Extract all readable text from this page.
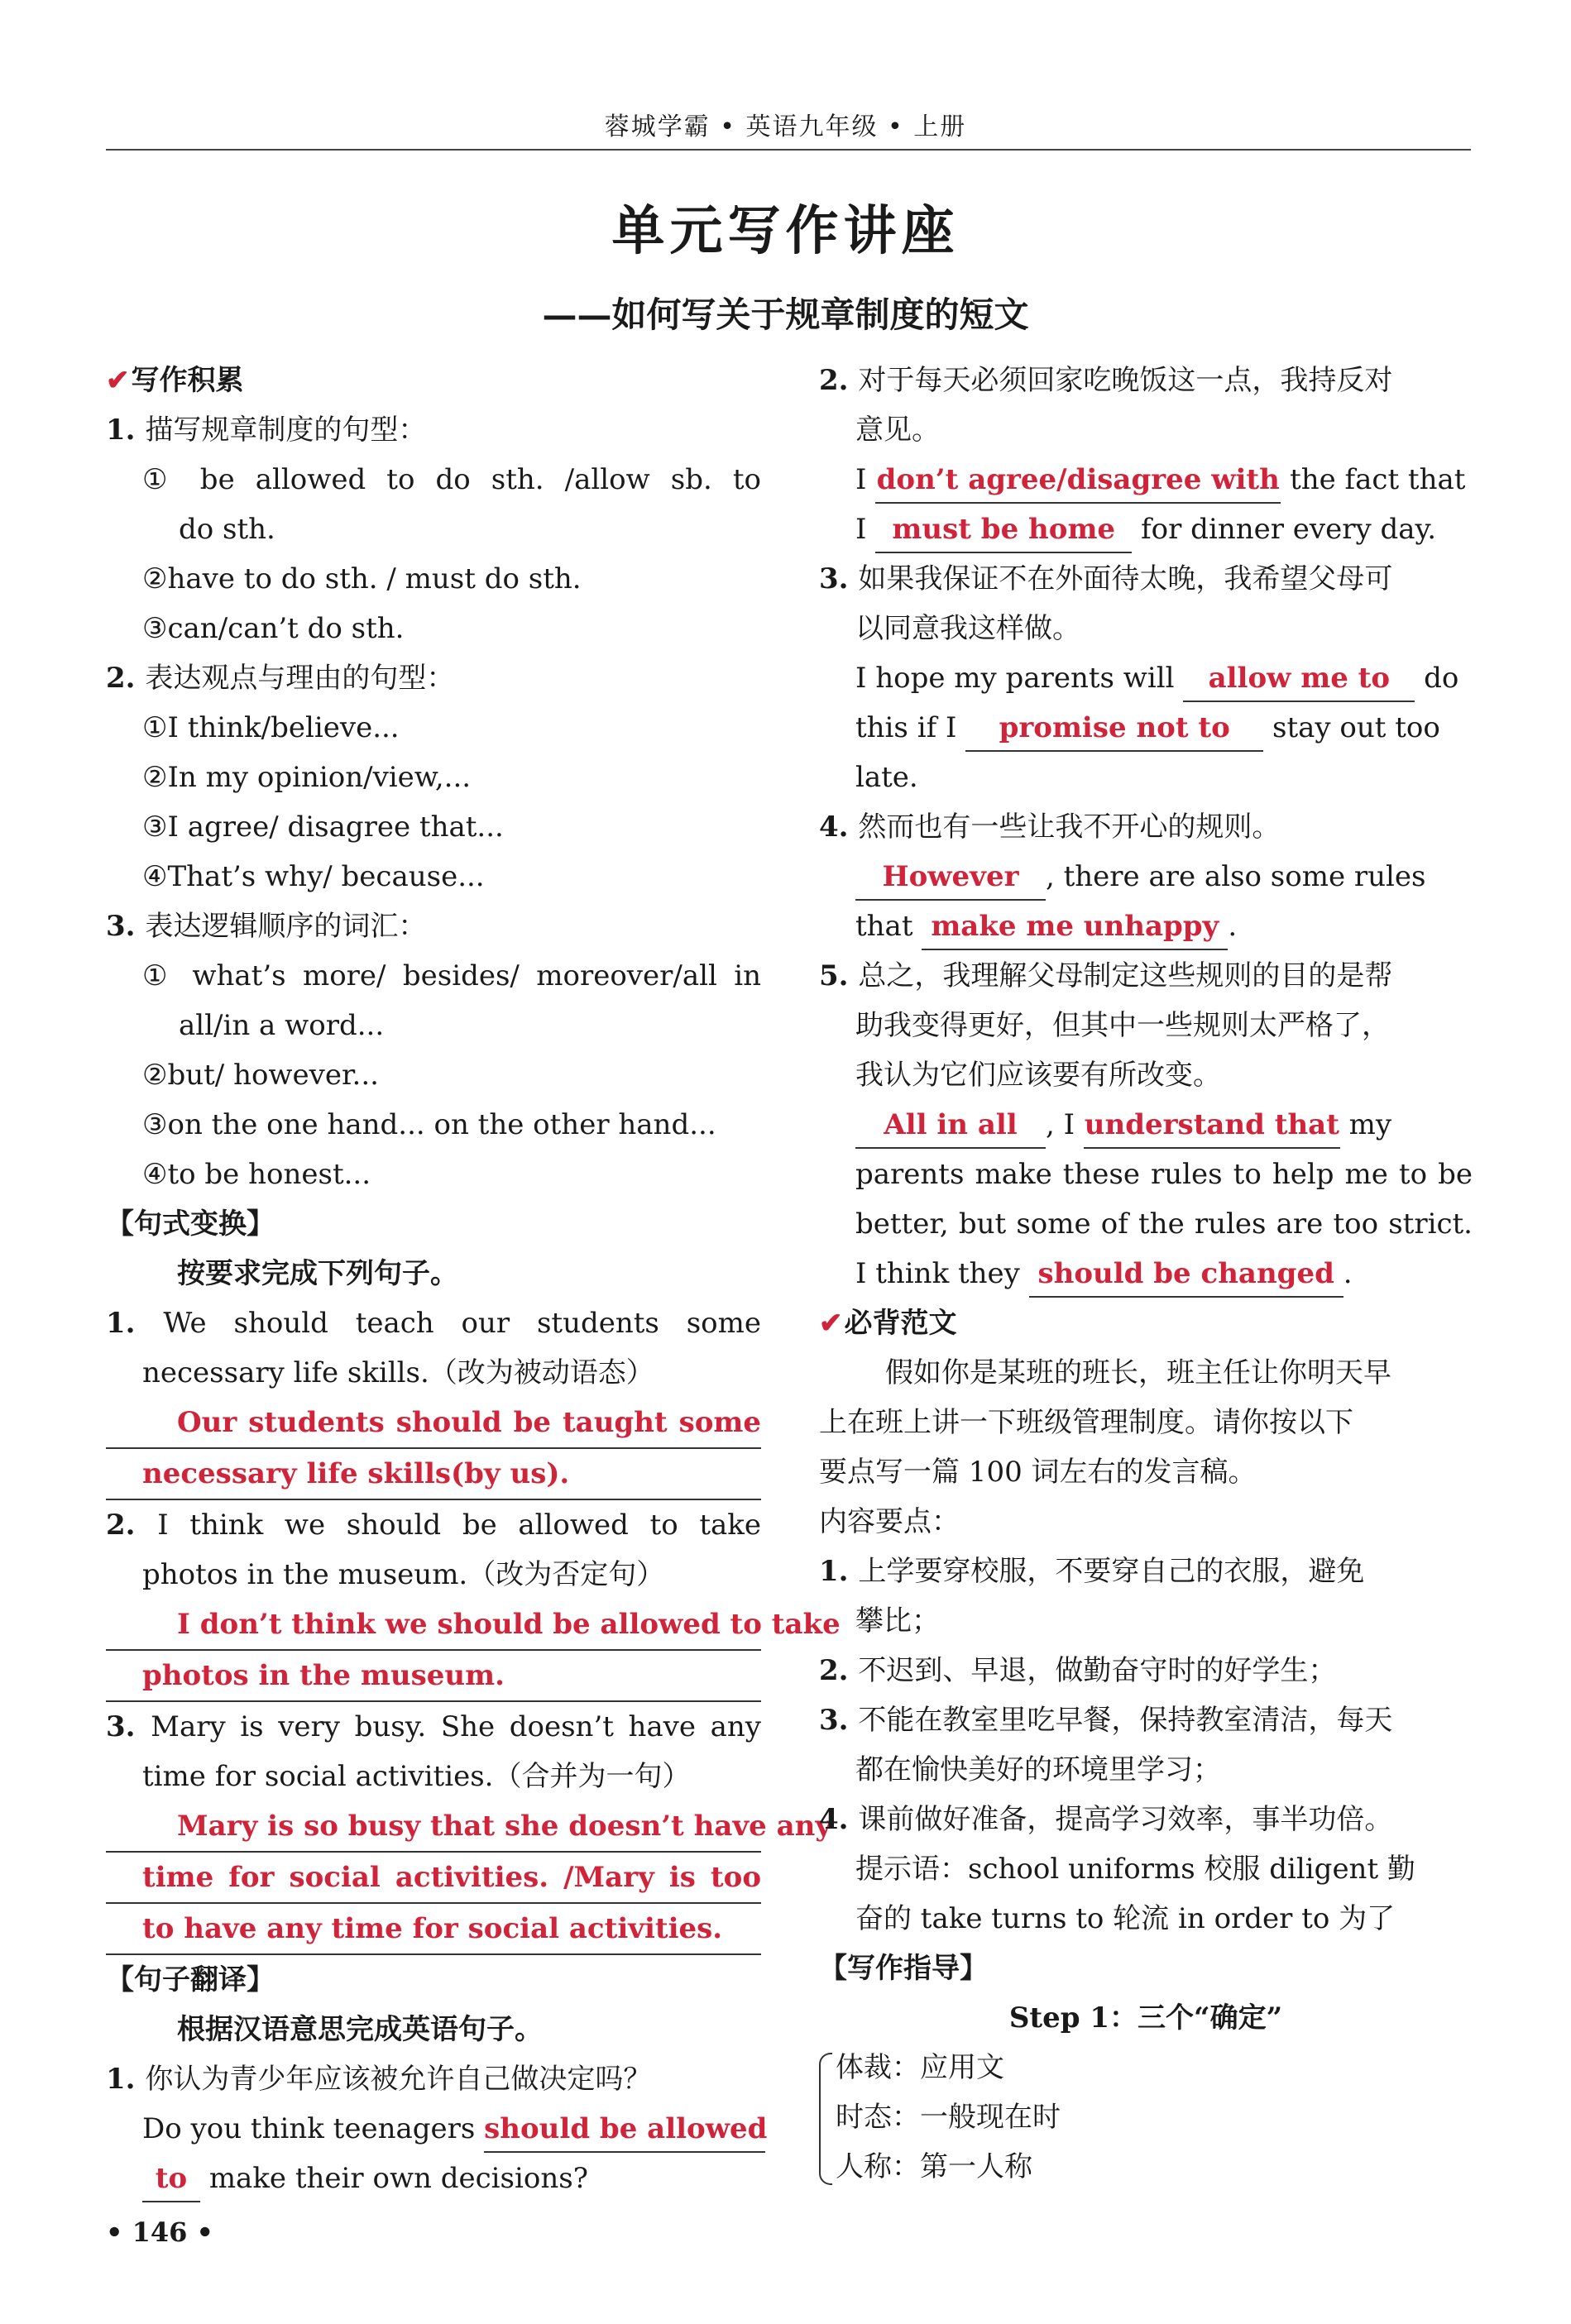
蓉城学霸 • 英语九年级 • 上册
单元写作讲座
——如何写关于规章制度的短文
✔写作积累
1. 描写规章制度的句型：
① be allowed to do sth. /allow sb. to
do sth.
②have to do sth. / must do sth.
③can/can’t do sth.
2. 表达观点与理由的句型：
①I think/believe...
②In my opinion/view,...
③I agree/ disagree that...
④That’s why/ because...
3. 表达逻辑顺序的词汇：
① what’s more/ besides/ moreover/all in
all/in a word...
②but/ however...
③on the one hand... on the other hand...
④to be honest...
【句式变换】
按要求完成下列句子。
1. We should teach our students some
necessary life skills.（改为被动语态）
Our students should be taught some
necessary life skills(by us).
2. I think we should be allowed to take
photos in the museum.（改为否定句）
I don’t think we should be allowed to take
photos in the museum.
3. Mary is very busy. She doesn’t have any
time for social activities.（合并为一句）
Mary is so busy that she doesn’t have any
time for social activities. /Mary is too
to have any time for social activities.
【句子翻译】
根据汉语意思完成英语句子。
1. 你认为青少年应该被允许自己做决定吗？
Do you think teenagers should be allowed
to make their own decisions?
2. 对于每天必须回家吃晚饭这一点，我持反对
意见。
I don’t agree/disagree with the fact that
I must be home for dinner every day.
3. 如果我保证不在外面待太晚，我希望父母可
以同意我这样做。
I hope my parents will allow me to do
this if I promise not to stay out too
late.
4. 然而也有一些让我不开心的规则。
However , there are also some rules
that make me unhappy .
5. 总之，我理解父母制定这些规则的目的是帮
助我变得更好，但其中一些规则太严格了，
我认为它们应该要有所改变。
All in all , I understand that my
parents make these rules to help me to be
better, but some of the rules are too strict.
I think they should be changed .
✔必背范文
假如你是某班的班长，班主任让你明天早
上在班上讲一下班级管理制度。请你按以下
要点写一篇 100 词左右的发言稿。
内容要点：
1. 上学要穿校服，不要穿自己的衣服，避免
攀比；
2. 不迟到、早退，做勤奋守时的好学生；
3. 不能在教室里吃早餐，保持教室清洁，每天
都在愉快美好的环境里学习；
4. 课前做好准备，提高学习效率，事半功倍。
提示语：school uniforms 校服 diligent 勤
奋的 take turns to 轮流 in order to 为了
【写作指导】
Step 1：三个“确定”
体裁：应用文
时态：一般现在时
人称：第一人称
• 146 •
